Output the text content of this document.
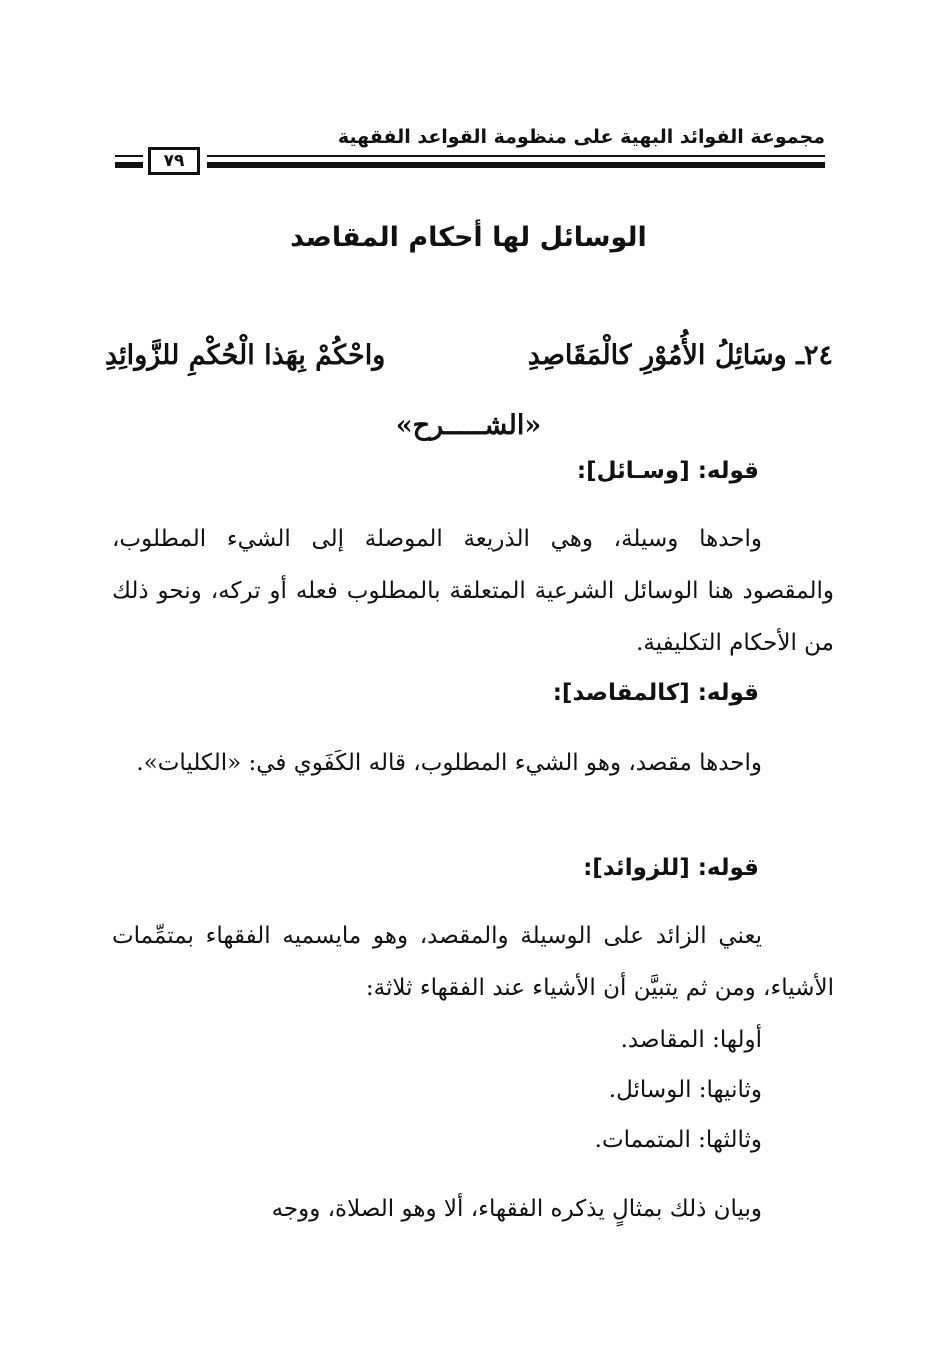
مجموعة الفوائد البهية على منظومة القواعد الفقهية
٧٩
الوسائل لها أحكام المقاصد
٢٤ـ وسَائِلُ الأُمُوْرِ كالْمَقَاصِدِ
واحْكُمْ بِهَذا الْحُكْمِ للزَّوائِدِ
«الشـــــرح»
قوله: [وسـائل]:
واحدها وسيلة، وهي الذريعة الموصلة إلى الشيء المطلوب، والمقصود هنا الوسائل الشرعية المتعلقة بالمطلوب فعله أو تركه، ونحو ذلك من الأحكام التكليفية.
قوله: [كالمقاصد]:
واحدها مقصد، وهو الشيء المطلوب، قاله الكَفَوي في: «الكليات».
قوله: [للزوائد]:
يعني الزائد على الوسيلة والمقصد، وهو مايسميه الفقهاء بمتمِّمات الأشياء، ومن ثم يتبيَّن أن الأشياء عند الفقهاء ثلاثة:
أولها: المقاصد.
وثانيها: الوسائل.
وثالثها: المتممات.
وبيان ذلك بمثالٍ يذكره الفقهاء، ألا وهو الصلاة، ووجه
